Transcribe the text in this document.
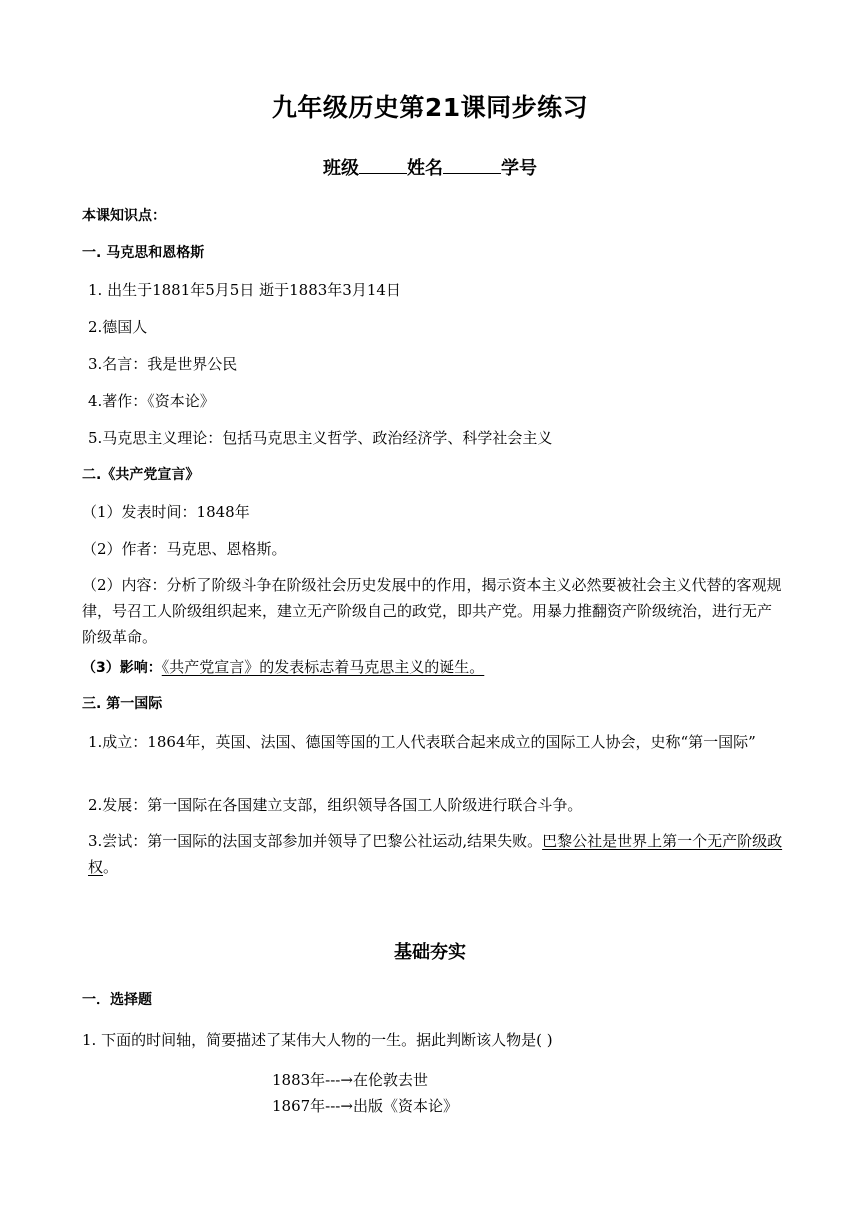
九年级历史第21课同步练习
班级	姓名	学号
本课知识点：
一. 马克思和恩格斯
1. 出生于1881年5月5日 逝于1883年3月14日
2.德国人
3.名言：我是世界公民
4.著作：《资本论》
5.马克思主义理论：包括马克思主义哲学、政治经济学、科学社会主义
二.《共产党宣言》
（1）发表时间：1848年
（2）作者：马克思、恩格斯。
（2）内容：分析了阶级斗争在阶级社会历史发展中的作用，揭示资本主义必然要被社会主义代替的客观规律，号召工人阶级组织起来，建立无产阶级自己的政党，即共产党。用暴力推翻资产阶级统治，进行无产阶级革命。
（3）影响：《共产党宣言》的发表标志着马克思主义的诞生。
三. 第一国际
1.成立：1864年，英国、法国、德国等国的工人代表联合起来成立的国际工人协会，史称“第一国际”
2.发展：第一国际在各国建立支部，组织领导各国工人阶级进行联合斗争。
3.尝试：第一国际的法国支部参加并领导了巴黎公社运动,结果失败。巴黎公社是世界上第一个无产阶级政权。
基础夯实
一．选择题
1. 下面的时间轴，简要描述了某伟大人物的一生。据此判断该人物是( )
1883年---→在伦敦去世
1867年---→出版《资本论》
